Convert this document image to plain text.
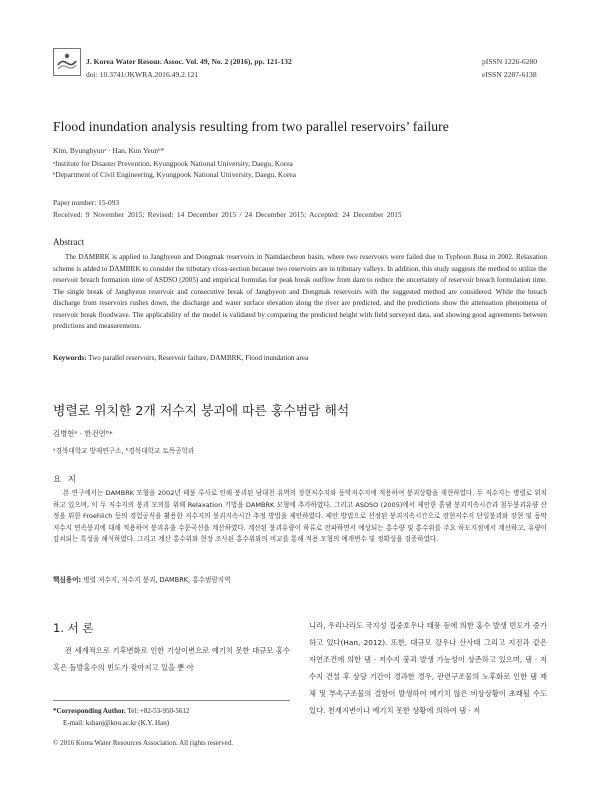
J. Korea Water Resour. Assoc. Vol. 49, No. 2 (2016), pp. 121-132
doi: 10.3741/JKWRA.2016.49.2.121
pISSN 1226-6280
eISSN 2287-6138
Flood inundation analysis resulting from two parallel reservoirs’ failure
Kim, Byunghyunᵃ · Han, Kun Yeunᵇ*
ᵃInstitute for Disaster Prevention, Kyungpook National University, Daegu, Korea
ᵇDepartment of Civil Engineering, Kyungpook National University, Daegu, Korea
Paper number: 15-093
Received: 9 November 2015; Revised: 14 December 2015 / 24 December 2015; Accepted: 24 December 2015
Abstract
The DAMBRK is applied to Janghyeon and Dongmak reservoirs in Namdaecheon basin, where two reservoirs were failed due to Typhoon Rusa in 2002. Relaxation scheme is added to DAMBRK to consider the tributary cross-section because two reservoirs are in tributary valleys. In addition, this study suggests the method to utilize the reservoir breach formation time of ASDSO (2005) and empirical formulas for peak break outflow from dam to reduce the uncertainty of reservoir breach formulation time. The single break of Janghyeon reservoir and consecutive break of Janghyeon and Dongmak reservoirs with the suggested method are considered. While the breach discharge from reservoirs rushes down, the discharge and water surface elevation along the river are predicted, and the predictions show the attenuation phenomena of reservoir break floodwave. The applicability of the model is validated by comparing the predicted height with field surveyed data, and showing good agreements between predictions and measurements.
Keywords: Two parallel reservoirs, Reservoir failure, DAMBRK, Flood inundation area
병렬로 위치한 2개 저수지 붕괴에 따른 홍수범람 해석
김병현ᵃ · 한건연ᵇ*
ᵃ경북대학교 방재연구소, ᵇ경북대학교 토목공학과
요 지
본 연구에서는 DAMBRK 모형을 2002년 태풍 루사로 인해 붕괴된 남대천 유역의 장현저수지와 동막저수지에 적용하여 붕괴상황을 재현하였다. 두 저수지는 병렬로 위치하고 있으며, 이 두 저수지의 붕괴 모의를 위해 Relaxation 기법을 DAMBRK 모형에 추가하였다. 그리고 ASDSO (2005)에서 제안한 흙댐 붕괴지속시간과 첨두붕괴유량 산정을 위한 Froehlich 등의 경험공식을 활용한 저수지의 붕괴지속시간 추정 방법을 제안하였다. 제안 방법으로 선정된 붕괴지속시간으로 장현저수지 단일붕괴와 장현 및 동막저수지 연속붕괴에 대해 적용하여 붕괴유출 수문곡선을 계산하였다. 계산된 붕괴유량이 하류로 전파하면서 예상되는 홍수량 및 홍수위를 주요 하도지점에서 계산하고, 유량이 감쇠되는 특성을 해석하였다. 그리고 계산 홍수위와 현장 조사된 홍수위와의 비교를 통해 적용 모형의 예개변수 및 정확성을 검증하였다.
핵심용어: 병렬 저수지, 저수지 붕괴, DAMBRK, 홍수범람지역
1. 서 론
전 세계적으로 기후변화로 인한 기상이변으로 예기치 못한 대규모 홍수 혹은 돌발홍수의 빈도가 잦아지고 있을 뿐 아
니라, 우리나라도 국지성 집중호우나 태풍 등에 의한 홍수 발생 빈도가 증가하고 있다(Han, 2012). 또한, 대규모 강우나 산사태 그리고 지진과 같은 자연조건에 의한 댐 · 저수지 붕괴 발생 가능성이 상존하고 있으며, 댐 · 저수지 건설 후 상당 기간이 경과한 경우, 관련구조물의 노후화로 인한 댐 제체 및 부속구조물의 결함이 발생하여 예기치 않은 비상상황이 초래될 수도 있다. 천재지변이나 예기치 못한 상황에 의하여 댐 · 저
*Corresponding Author. Tel: +82-53-950-5612
E-mail: kshanj@knu.ac.kr (K.Y. Han)
© 2016 Korea Water Resources Association. All rights reserved.
